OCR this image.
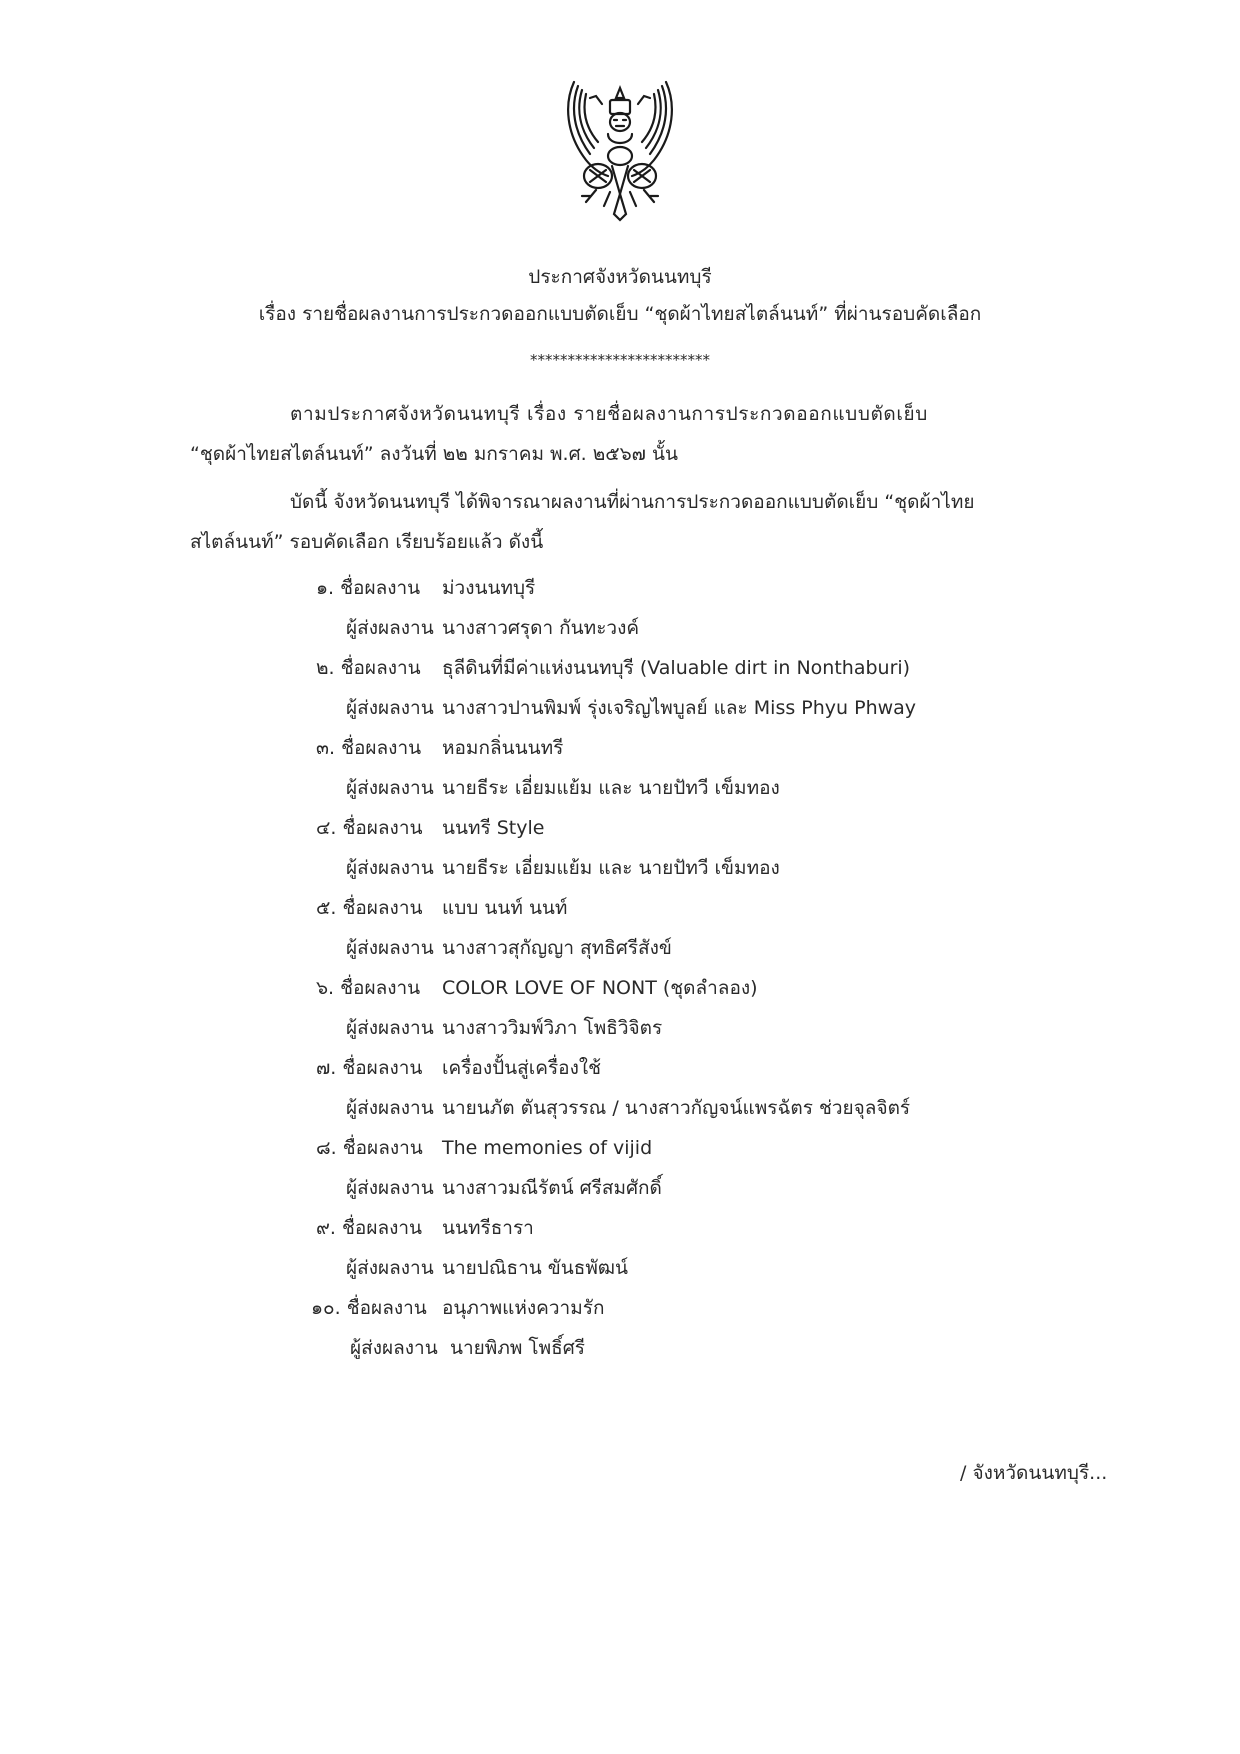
ประกาศจังหวัดนนทบุรี
เรื่อง รายชื่อผลงานการประกวดออกแบบตัดเย็บ “ชุดผ้าไทยสไตล์นนท์” ที่ผ่านรอบคัดเลือก
************************
ตามประกาศจังหวัดนนทบุรี เรื่อง รายชื่อผลงานการประกวดออกแบบตัดเย็บ
“ชุดผ้าไทยสไตล์นนท์” ลงวันที่ ๒๒ มกราคม พ.ศ. ๒๕๖๗ นั้น
บัดนี้ จังหวัดนนทบุรี ได้พิจารณาผลงานที่ผ่านการประกวดออกแบบตัดเย็บ “ชุดผ้าไทย
สไตล์นนท์” รอบคัดเลือก เรียบร้อยแล้ว ดังนี้
๑. ชื่อผลงาน ม่วงนนทบุรี
ผู้ส่งผลงาน นางสาวศรุดา กันทะวงค์
๒. ชื่อผลงาน ธุลีดินที่มีค่าแห่งนนทบุรี (Valuable dirt in Nonthaburi)
ผู้ส่งผลงาน นางสาวปานพิมพ์ รุ่งเจริญไพบูลย์ และ Miss Phyu Phway
๓. ชื่อผลงาน หอมกลิ่นนนทรี
ผู้ส่งผลงาน นายธีระ เอี่ยมแย้ม และ นายปัทวี เข็มทอง
๔. ชื่อผลงาน นนทรี Style
ผู้ส่งผลงาน นายธีระ เอี่ยมแย้ม และ นายปัทวี เข็มทอง
๕. ชื่อผลงาน แบบ นนท์ นนท์
ผู้ส่งผลงาน นางสาวสุกัญญา สุทธิศรีสังข์
๖. ชื่อผลงาน COLOR LOVE OF NONT (ชุดลำลอง)
ผู้ส่งผลงาน นางสาววิมพ์วิภา โพธิวิจิตร
๗. ชื่อผลงาน เครื่องปั้นสู่เครื่องใช้
ผู้ส่งผลงาน นายนภัต ตันสุวรรณ / นางสาวกัญจน์แพรฉัตร ช่วยจุลจิตร์
๘. ชื่อผลงาน The memonies of vijid
ผู้ส่งผลงาน นางสาวมณีรัตน์ ศรีสมศักดิ์
๙. ชื่อผลงาน นนทรีธารา
ผู้ส่งผลงาน นายปณิธาน ขันธพัฒน์
๑๐. ชื่อผลงาน อนุภาพแห่งความรัก
ผู้ส่งผลงาน นายพิภพ โพธิ์ศรี
/ จังหวัดนนทบุรี...
